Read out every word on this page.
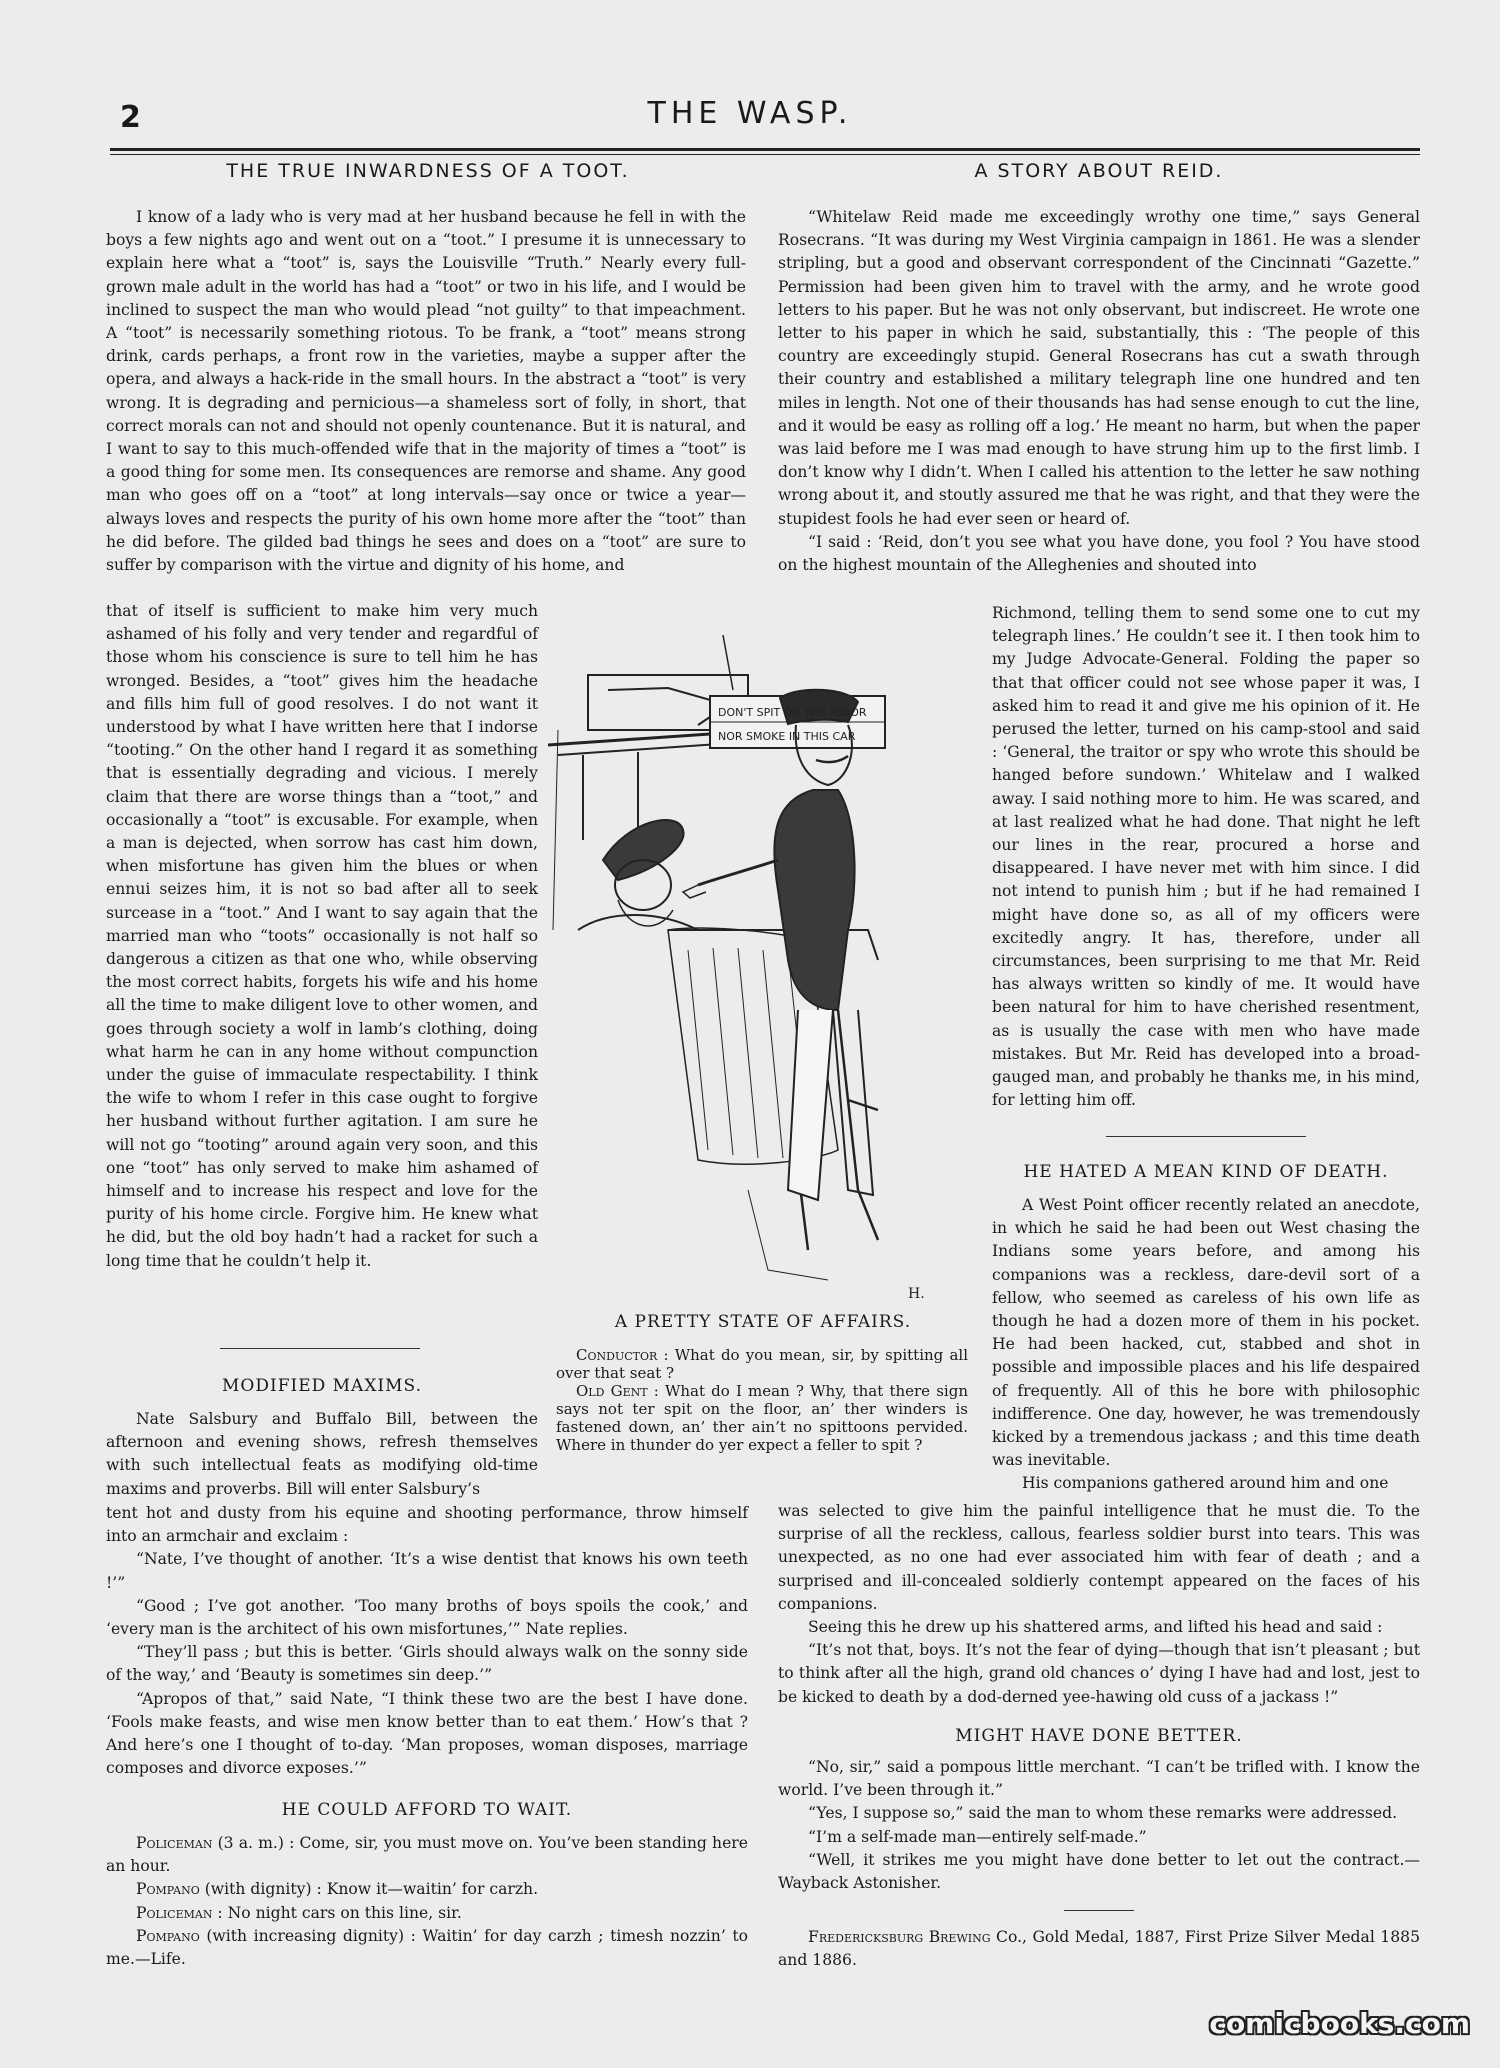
2	THE WASP.
THE TRUE INWARDNESS OF A TOOT.

I know of a lady who is very mad at her husband because he fell in with the boys a few nights ago and went out on a “toot.” I presume it is unnecessary to explain here what a “toot” is, says the Louisville “Truth.” Nearly every full-grown male adult in the world has had a “toot” or two in his life, and I would be inclined to suspect the man who would plead “not guilty” to that impeachment. A “toot” is necessarily something riotous. To be frank, a “toot” means strong drink, cards perhaps, a front row in the varieties, maybe a supper after the opera, and always a hack-ride in the small hours. In the abstract a “toot” is very wrong. It is degrading and pernicious—a shameless sort of folly, in short, that correct morals can not and should not openly countenance. But it is natural, and I want to say to this much-offended wife that in the majority of times a “toot” is a good thing for some men. Its consequences are remorse and shame. Any good man who goes off on a “toot” at long intervals—say once or twice a year—always loves and respects the purity of his own home more after the “toot” than he did before. The gilded bad things he sees and does on a “toot” are sure to suffer by comparison with the virtue and dignity of his home, and

that of itself is sufficient to make him very much ashamed of his folly and very tender and regardful of those whom his conscience is sure to tell him he has wronged. Besides, a “toot” gives him the headache and fills him full of good resolves. I do not want it understood by what I have written here that I indorse “tooting.” On the other hand I regard it as something that is essentially degrading and vicious. I merely claim that there are worse things than a “toot,” and occasionally a “toot” is excusable. For example, when a man is dejected, when sorrow has cast him down, when misfortune has given him the blues or when ennui seizes him, it is not so bad after all to seek surcease in a “toot.” And I want to say again that the married man who “toots” occasionally is not half so dangerous a citizen as that one who, while observing the most correct habits, forgets his wife and his home all the time to make diligent love to other women, and goes through society a wolf in lamb’s clothing, doing what harm he can in any home without compunction under the guise of immaculate respectability. I think the wife to whom I refer in this case ought to forgive her husband without further agitation. I am sure he will not go “tooting” around again very soon, and this one “toot” has only served to make him ashamed of himself and to increase his respect and love for the purity of his home circle. Forgive him. He knew what he did, but the old boy hadn’t had a racket for such a long time that he couldn’t help it.

MODIFIED MAXIMS.

Nate Salsbury and Buffalo Bill, between the afternoon and evening shows, refresh themselves with such intellectual feats as modifying old-time maxims and proverbs. Bill will enter Salsbury’s

tent hot and dusty from his equine and shooting performance, throw himself into an armchair and exclaim :

“Nate, I’ve thought of another. ‘It’s a wise dentist that knows his own teeth !’”

“Good ; I’ve got another. ‘Too many broths of boys spoils the cook,’ and ‘every man is the architect of his own misfortunes,’” Nate replies.

“They’ll pass ; but this is better. ‘Girls should always walk on the sonny side of the way,’ and ‘Beauty is sometimes sin deep.’”

“Apropos of that,” said Nate, “I think these two are the best I have done. ‘Fools make feasts, and wise men know better than to eat them.’ How’s that ? And here’s one I thought of to-day. ‘Man proposes, woman disposes, marriage composes and divorce exposes.’”

HE COULD AFFORD TO WAIT.

Policeman (3 a. m.) : Come, sir, you must move on. You’ve been standing here an hour.

Pompano (with dignity) : Know it—waitin’ for carzh.

Policeman : No night cars on this line, sir.

Pompano (with increasing dignity) : Waitin’ for day carzh ; timesh nozzin’ to me.—Life.

A STORY ABOUT REID.

“Whitelaw Reid made me exceedingly wrothy one time,” says General Rosecrans. “It was during my West Virginia campaign in 1861. He was a slender stripling, but a good and observant correspondent of the Cincinnati “Gazette.” Permission had been given him to travel with the army, and he wrote good letters to his paper. But he was not only observant, but indiscreet. He wrote one letter to his paper in which he said, substantially, this : ‘The people of this country are exceedingly stupid. General Rosecrans has cut a swath through their country and established a military telegraph line one hundred and ten miles in length. Not one of their thousands has had sense enough to cut the line, and it would be easy as rolling off a log.’ He meant no harm, but when the paper was laid before me I was mad enough to have strung him up to the first limb. I don’t know why I didn’t. When I called his attention to the letter he saw nothing wrong about it, and stoutly assured me that he was right, and that they were the stupidest fools he had ever seen or heard of.

“I said : ‘Reid, don’t you see what you have done, you fool ? You have stood on the highest mountain of the Alleghenies and shouted into

Richmond, telling them to send some one to cut my telegraph lines.’ He couldn’t see it. I then took him to my Judge Advocate-General. Folding the paper so that that officer could not see whose paper it was, I asked him to read it and give me his opinion of it. He perused the letter, turned on his camp-stool and said : ‘General, the traitor or spy who wrote this should be hanged before sundown.’ Whitelaw and I walked away. I said nothing more to him. He was scared, and at last realized what he had done. That night he left our lines in the rear, procured a horse and disappeared. I have never met with him since. I did not intend to punish him ; but if he had remained I might have done so, as all of my officers were excitedly angry. It has, therefore, under all circumstances, been surprising to me that Mr. Reid has always written so kindly of me. It would have been natural for him to have cherished resentment, as is usually the case with men who have made mistakes. But Mr. Reid has developed into a broad-gauged man, and probably he thanks me, in his mind, for letting him off.

HE HATED A MEAN KIND OF DEATH.

A West Point officer recently related an anecdote, in which he said he had been out West chasing the Indians some years before, and among his companions was a reckless, dare-devil sort of a fellow, who seemed as careless of his own life as though he had a dozen more of them in his pocket. He had been hacked, cut, stabbed and shot in possible and impossible places and his life despaired of frequently. All of this he bore with philosophic indifference. One day, however, he was tremendously kicked by a tremendous jackass ; and this time death was inevitable.

His companions gathered around him and one

was selected to give him the painful intelligence that he must die. To the surprise of all the reckless, callous, fearless soldier burst into tears. This was unexpected, as no one had ever associated him with fear of death ; and a surprised and ill-concealed soldierly contempt appeared on the faces of his companions.

Seeing this he drew up his shattered arms, and lifted his head and said :

“It’s not that, boys. It’s not the fear of dying—though that isn’t pleasant ; but to think after all the high, grand old chances o’ dying I have had and lost, jest to be kicked to death by a dod-derned yee-hawing old cuss of a jackass !”

MIGHT HAVE DONE BETTER.

“No, sir,” said a pompous little merchant. “I can’t be trifled with. I know the world. I’ve been through it.”

“Yes, I suppose so,” said the man to whom these remarks were addressed.

“I’m a self-made man—entirely self-made.”

“Well, it strikes me you might have done better to let out the contract.—Wayback Astonisher.

Fredericksburg Brewing Co., Gold Medal, 1887, First Prize Silver Medal 1885 and 1886.

DON'T SPIT ON THE FLOOR
NOR SMOKE IN THIS CAR
H.
A PRETTY STATE OF AFFAIRS.

Conductor : What do you mean, sir, by spitting all over that seat ?

Old Gent : What do I mean ? Why, that there sign says not ter spit on the floor, an’ ther winders is fastened down, an’ ther ain’t no spittoons pervided. Where in thunder do yer expect a feller to spit ?

comicbooks.com
